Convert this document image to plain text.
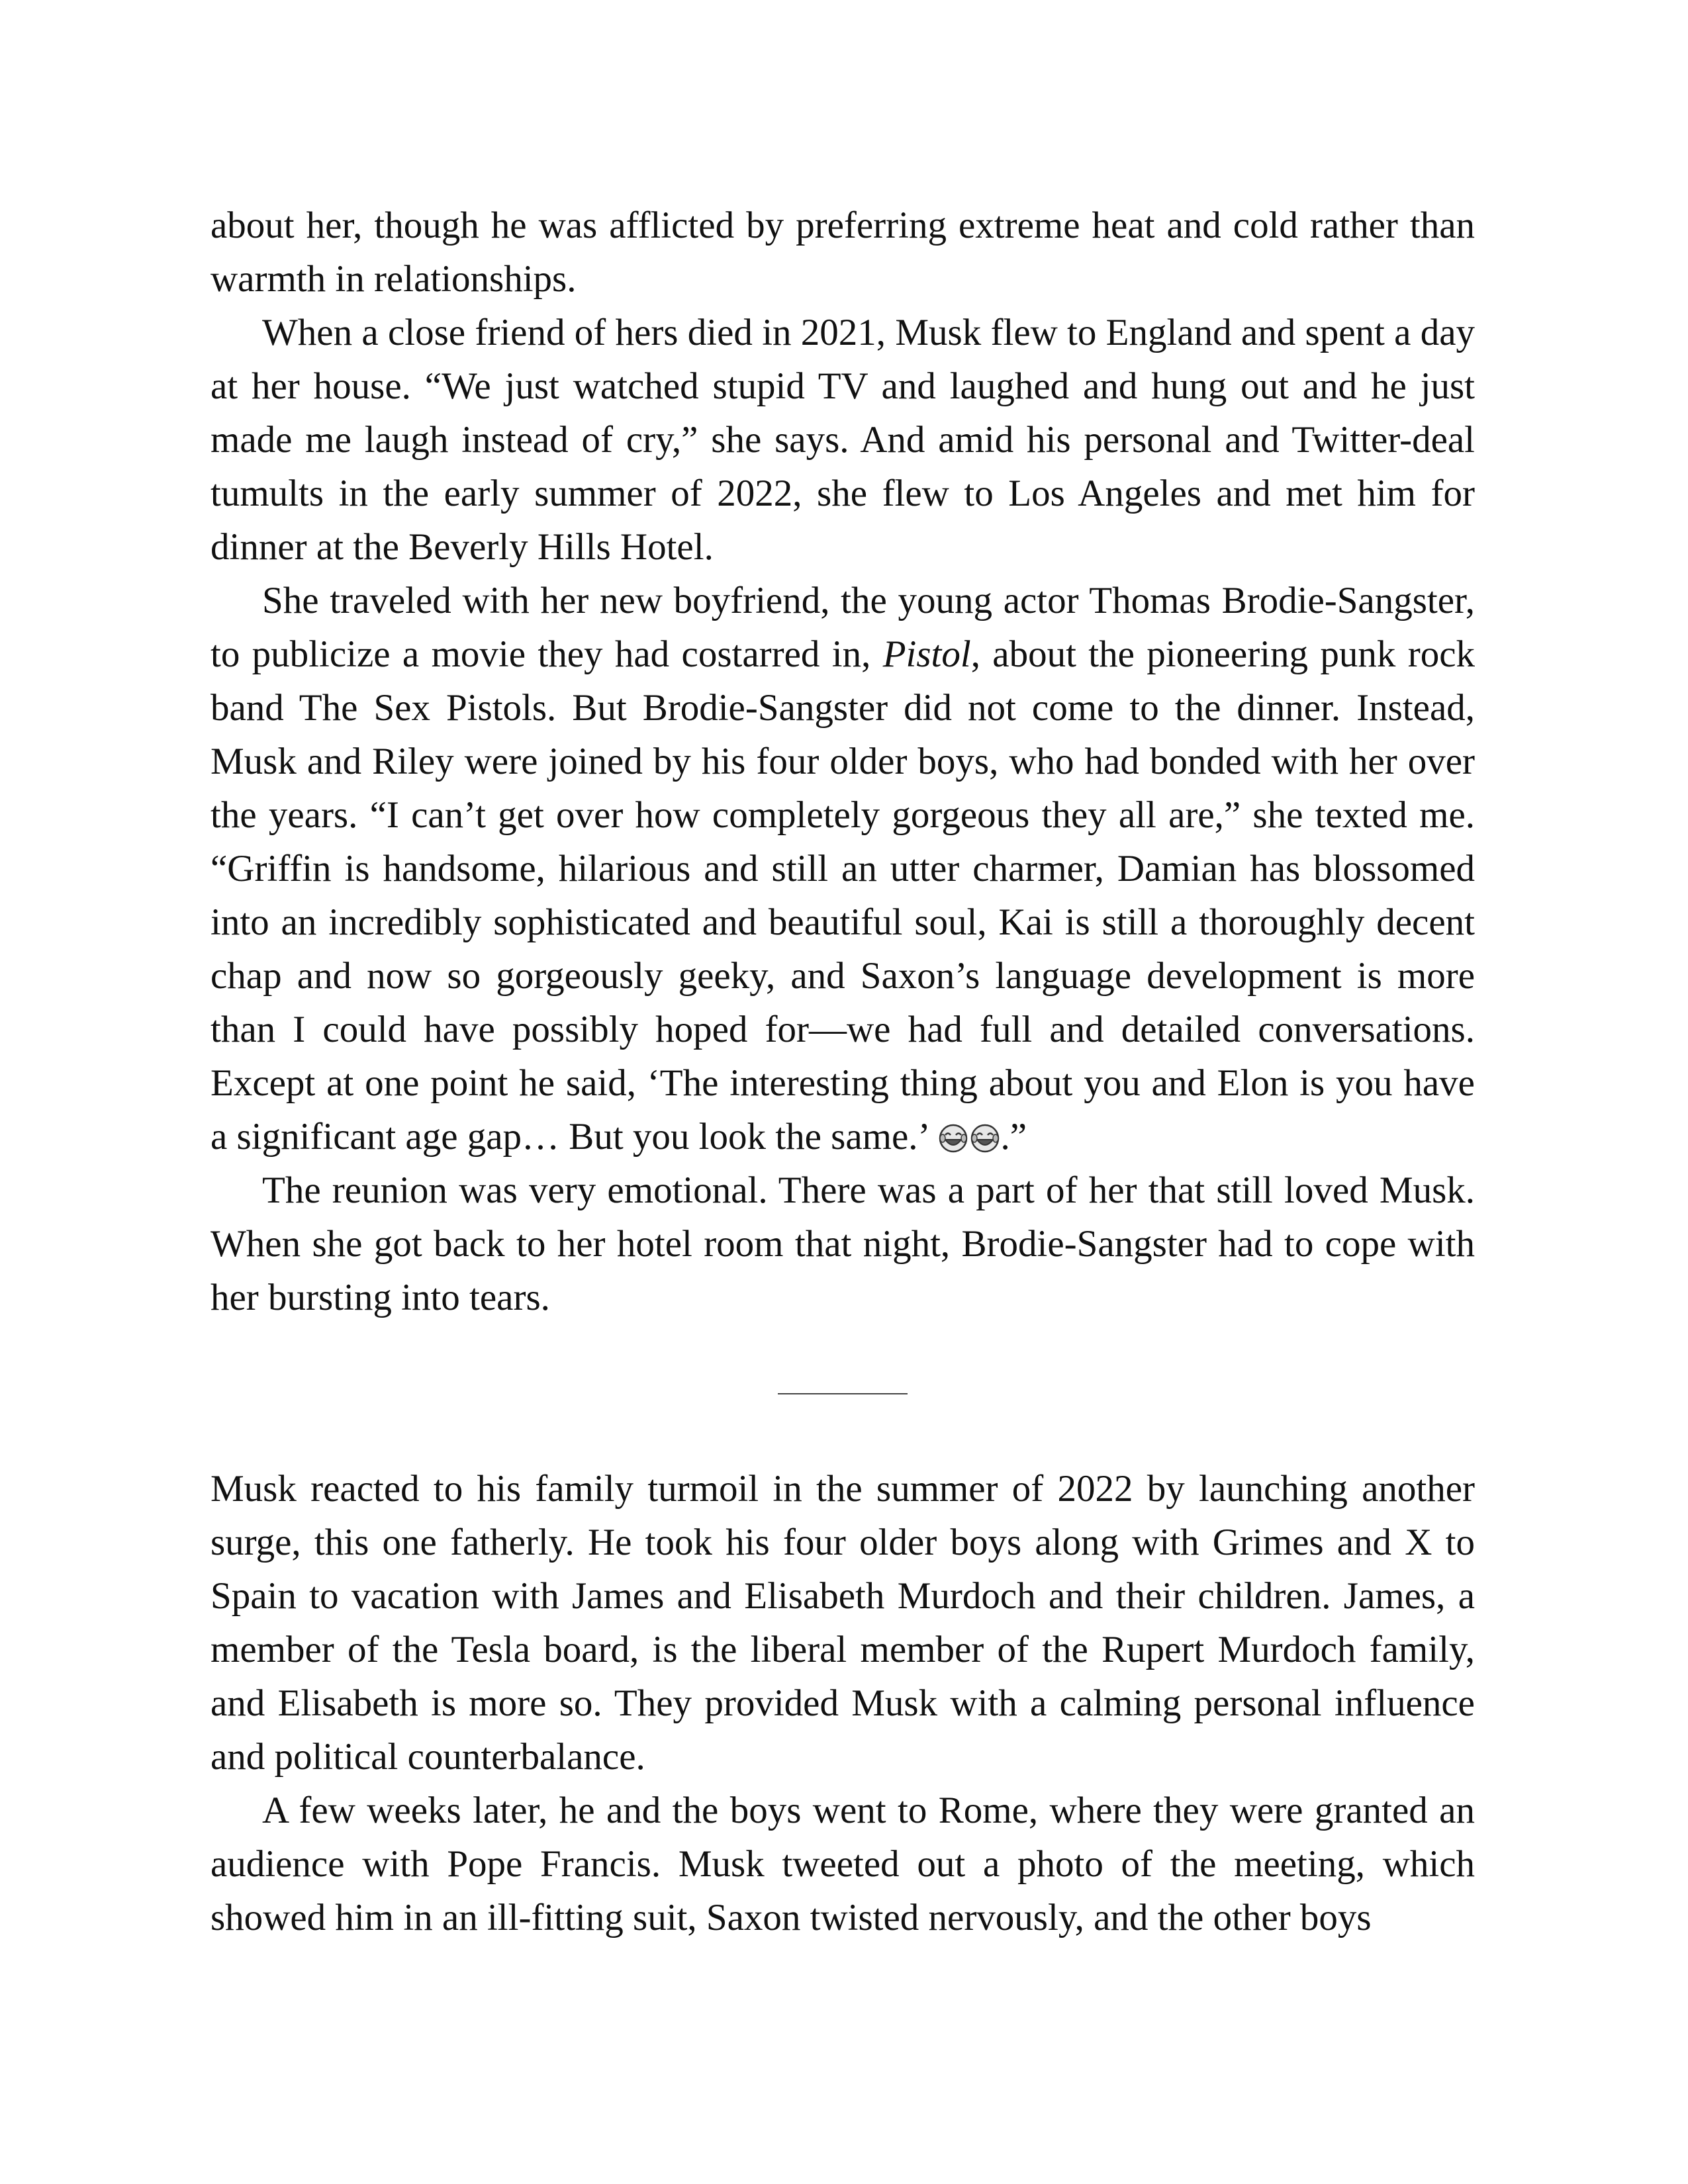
about her, though he was afflicted by preferring extreme heat and cold rather than warmth in relationships.

When a close friend of hers died in 2021, Musk flew to England and spent a day at her house. “We just watched stupid TV and laughed and hung out and he just made me laugh instead of cry,” she says. And amid his personal and Twitter-deal tumults in the early summer of 2022, she flew to Los Angeles and met him for dinner at the Beverly Hills Hotel.

She traveled with her new boyfriend, the young actor Thomas Brodie-Sangster, to publicize a movie they had costarred in, Pistol, about the pioneering punk rock band The Sex Pistols. But Brodie-Sangster did not come to the dinner. Instead, Musk and Riley were joined by his four older boys, who had bonded with her over the years. “I can’t get over how completely gorgeous they all are,” she texted me. “Griffin is handsome, hilarious and still an utter charmer, Damian has blossomed into an incredibly sophisticated and beautiful soul, Kai is still a thoroughly decent chap and now so gorgeously geeky, and Saxon’s language development is more than I could have possibly hoped for—we had full and detailed conversations. Except at one point he said, ‘The interesting thing about you and Elon is you have a significant age gap… But you look the same.’
.”

The reunion was very emotional. There was a part of her that still loved Musk. When she got back to her hotel room that night, Brodie-Sangster had to cope with her bursting into tears.

Musk reacted to his family turmoil in the summer of 2022 by launching another surge, this one fatherly. He took his four older boys along with Grimes and X to Spain to vacation with James and Elisabeth Murdoch and their children. James, a member of the Tesla board, is the liberal member of the Rupert Murdoch family, and Elisabeth is more so. They provided Musk with a calming personal influence and political counterbalance.

A few weeks later, he and the boys went to Rome, where they were granted an audience with Pope Francis. Musk tweeted out a photo of the meeting, which showed him in an ill-fitting suit, Saxon twisted nervously, and the other boys
